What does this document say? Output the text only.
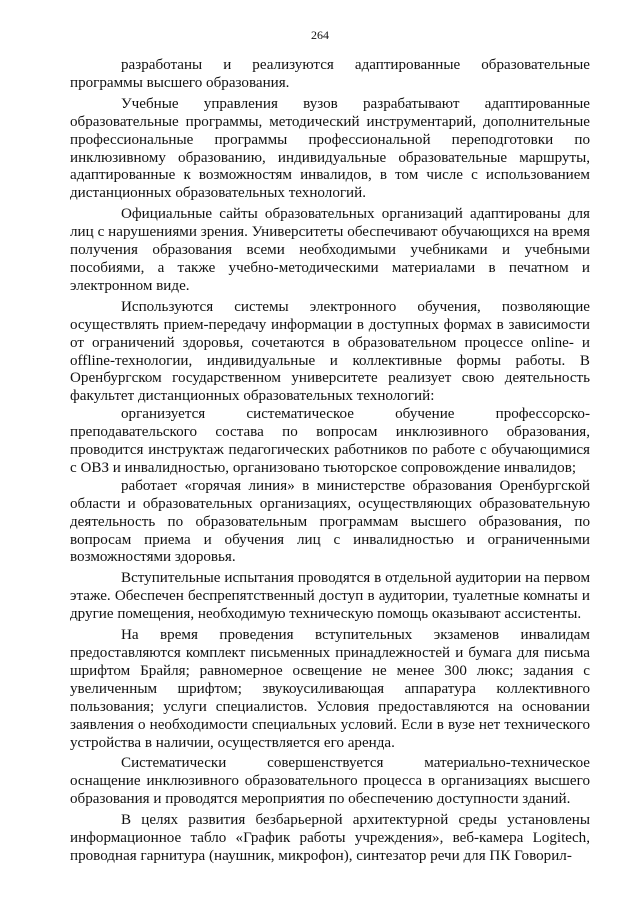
264

разработаны и реализуются адаптированные образовательные программы высшего образования.

Учебные управления вузов разрабатывают адаптированные образовательные программы, методический инструментарий, дополнительные профессиональные программы профессиональной переподготовки по инклюзивному образованию, индивидуальные образовательные маршруты, адаптированные к возможностям инвалидов, в том числе с использованием дистанционных образовательных технологий.

Официальные сайты образовательных организаций адаптированы для лиц с нарушениями зрения. Университеты обеспечивают обучающихся на время получения образования всеми необходимыми учебниками и учебными пособиями, а также учебно-методическими материалами в печатном и электронном виде.

Используются системы электронного обучения, позволяющие осуществлять прием-передачу информации в доступных формах в зависимости от ограничений здоровья, сочетаются в образовательном процессе online- и offline-технологии, индивидуальные и коллективные формы работы. В Оренбургском государственном университете реализует свою деятельность факультет дистанционных образовательных технологий:

организуется систематическое обучение профессорско-преподавательского состава по вопросам инклюзивного образования, проводится инструктаж педагогических работников по работе с обучающимися с ОВЗ и инвалидностью, организовано тьюторское сопровождение инвалидов;

работает «горячая линия» в министерстве образования Оренбургской области и образовательных организациях, осуществляющих образовательную деятельность по образовательным программам высшего образования, по вопросам приема и обучения лиц с инвалидностью и ограниченными возможностями здоровья.

Вступительные испытания проводятся в отдельной аудитории на первом этаже. Обеспечен беспрепятственный доступ в аудитории, туалетные комнаты и другие помещения, необходимую техническую помощь оказывают ассистенты.

На время проведения вступительных экзаменов инвалидам предоставляются комплект письменных принадлежностей и бумага для письма шрифтом Брайля; равномерное освещение не менее 300 люкс; задания с увеличенным шрифтом; звукоусиливающая аппаратура коллективного пользования; услуги специалистов. Условия предоставляются на основании заявления о необходимости специальных условий. Если в вузе нет технического устройства в наличии, осуществляется его аренда.

Систематически совершенствуется материально-техническое оснащение инклюзивного образовательного процесса в организациях высшего образования и проводятся мероприятия по обеспечению доступности зданий.

В целях развития безбарьерной архитектурной среды установлены информационное табло «График работы учреждения», веб-камера Logitech, проводная гарнитура (наушник, микрофон), синтезатор речи для ПК Говорил-
